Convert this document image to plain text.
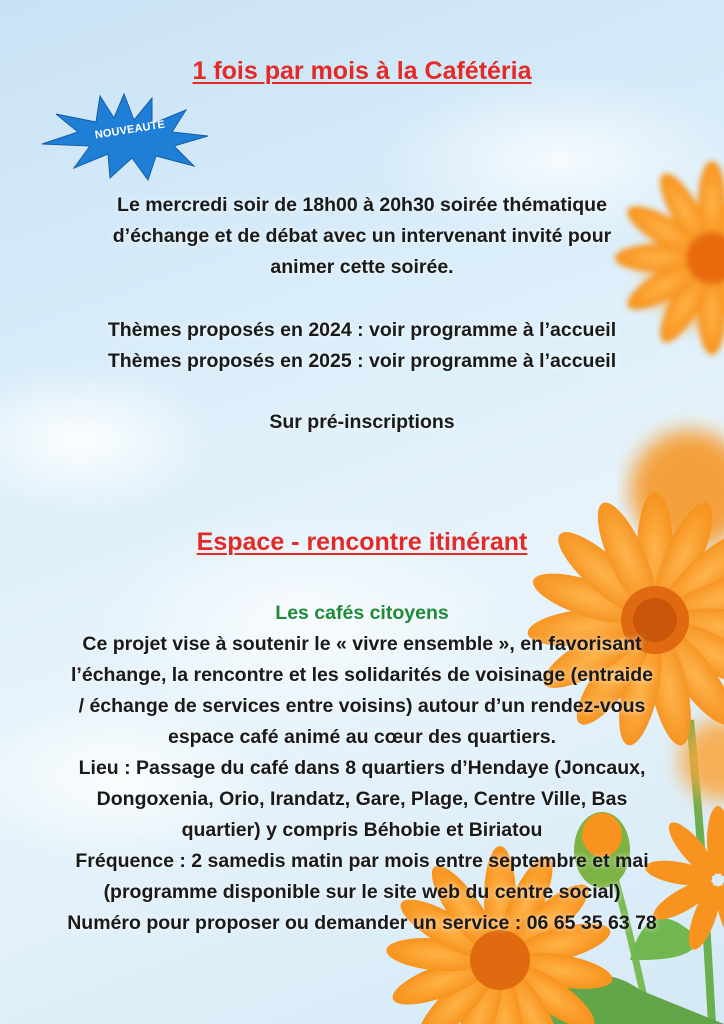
1 fois par mois à la Cafétéria
NOUVEAUTE
Le mercredi soir de 18h00 à 20h30 soirée thématique
d’échange et de débat avec un intervenant invité pour
animer cette soirée.
Thèmes proposés en 2024 : voir programme à l’accueil
Thèmes proposés en 2025 : voir programme à l’accueil
Sur pré-inscriptions
Espace - rencontre itinérant
Les cafés citoyens
Ce projet vise à soutenir le « vivre ensemble », en favorisant
l’échange, la rencontre et les solidarités de voisinage (entraide
/ échange de services entre voisins) autour d’un rendez-vous
espace café animé au cœur des quartiers.
Lieu : Passage du café dans 8 quartiers d’Hendaye (Joncaux,
Dongoxenia, Orio, Irandatz, Gare, Plage, Centre Ville, Bas
quartier) y compris Béhobie et Biriatou
Fréquence : 2 samedis matin par mois entre septembre et mai
(programme disponible sur le site web du centre social)
Numéro pour proposer ou demander un service : 06 65 35 63 78
